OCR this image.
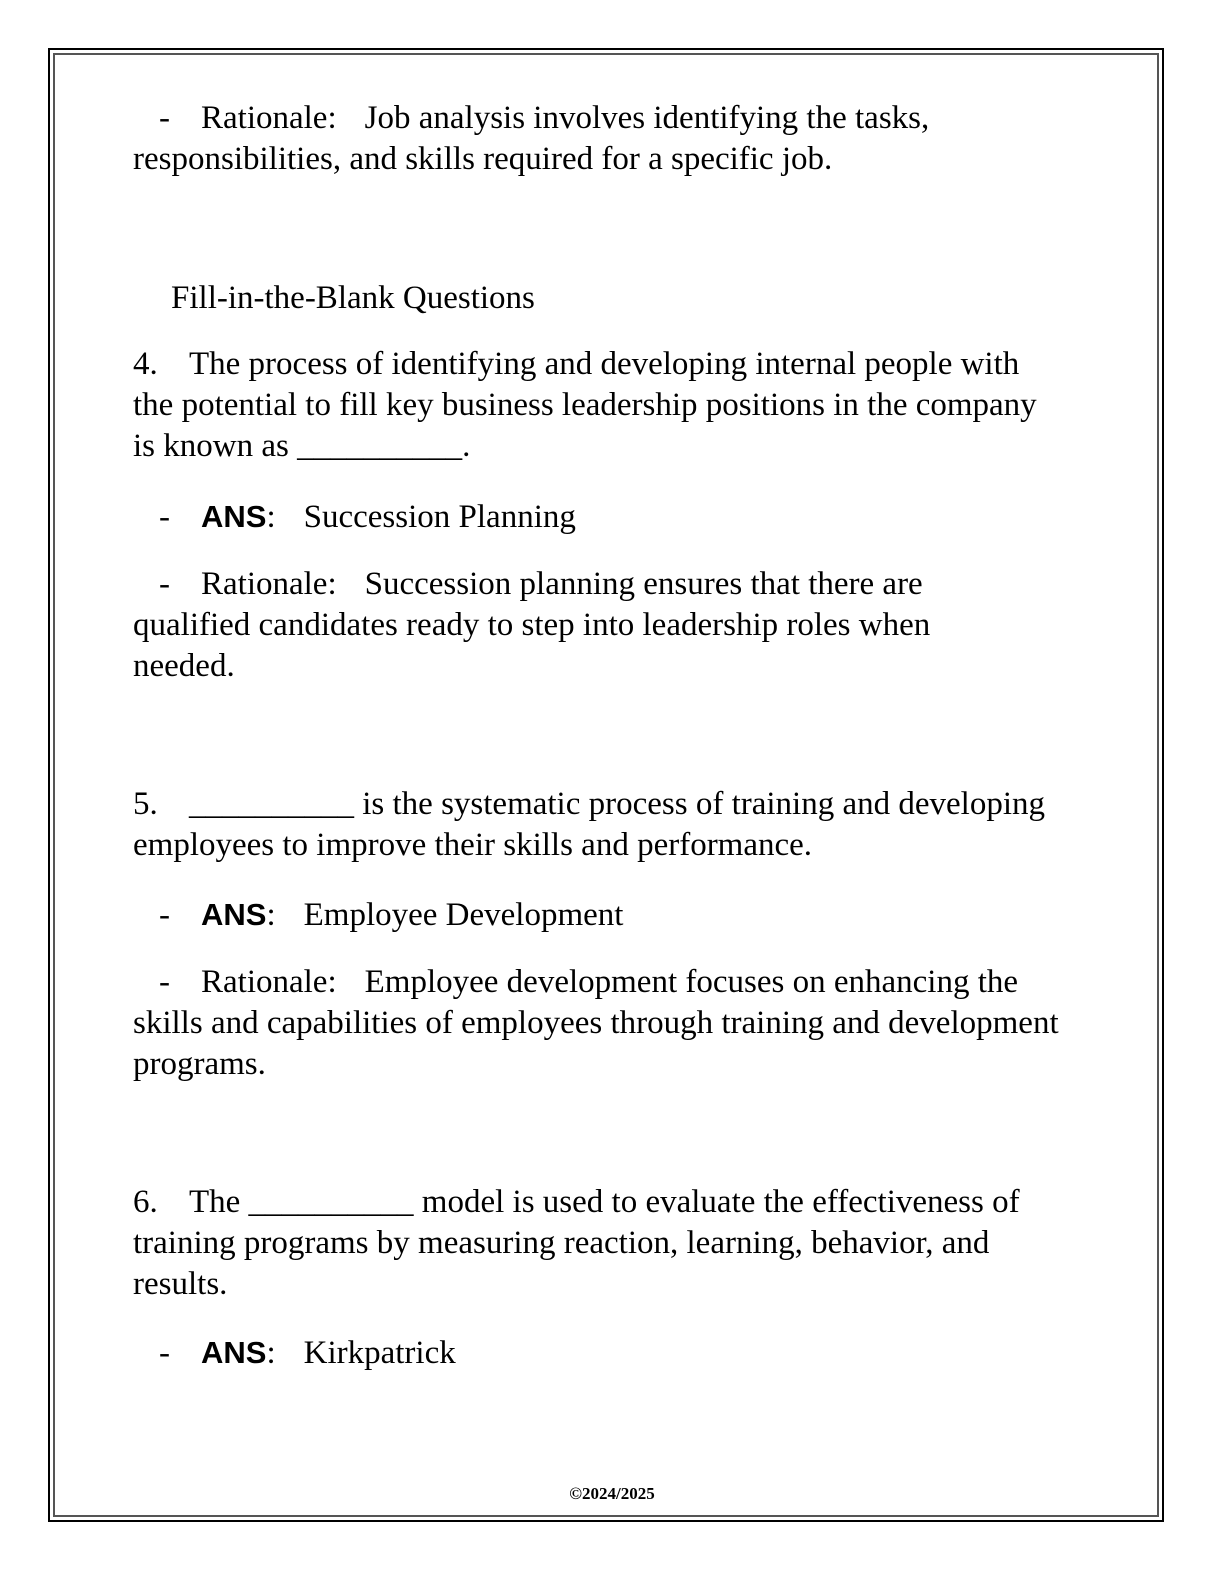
- Rationale: Job analysis involves identifying the tasks, responsibilities, and skills required for a specific job.
Fill-in-the-Blank Questions
4. The process of identifying and developing internal people with the potential to fill key business leadership positions in the company is known as __________.
- ANS: Succession Planning
- Rationale: Succession planning ensures that there are qualified candidates ready to step into leadership roles when needed.
5. __________ is the systematic process of training and developing employees to improve their skills and performance.
- ANS: Employee Development
- Rationale: Employee development focuses on enhancing the skills and capabilities of employees through training and development programs.
6. The __________ model is used to evaluate the effectiveness of training programs by measuring reaction, learning, behavior, and results.
- ANS: Kirkpatrick
©2024/2025
